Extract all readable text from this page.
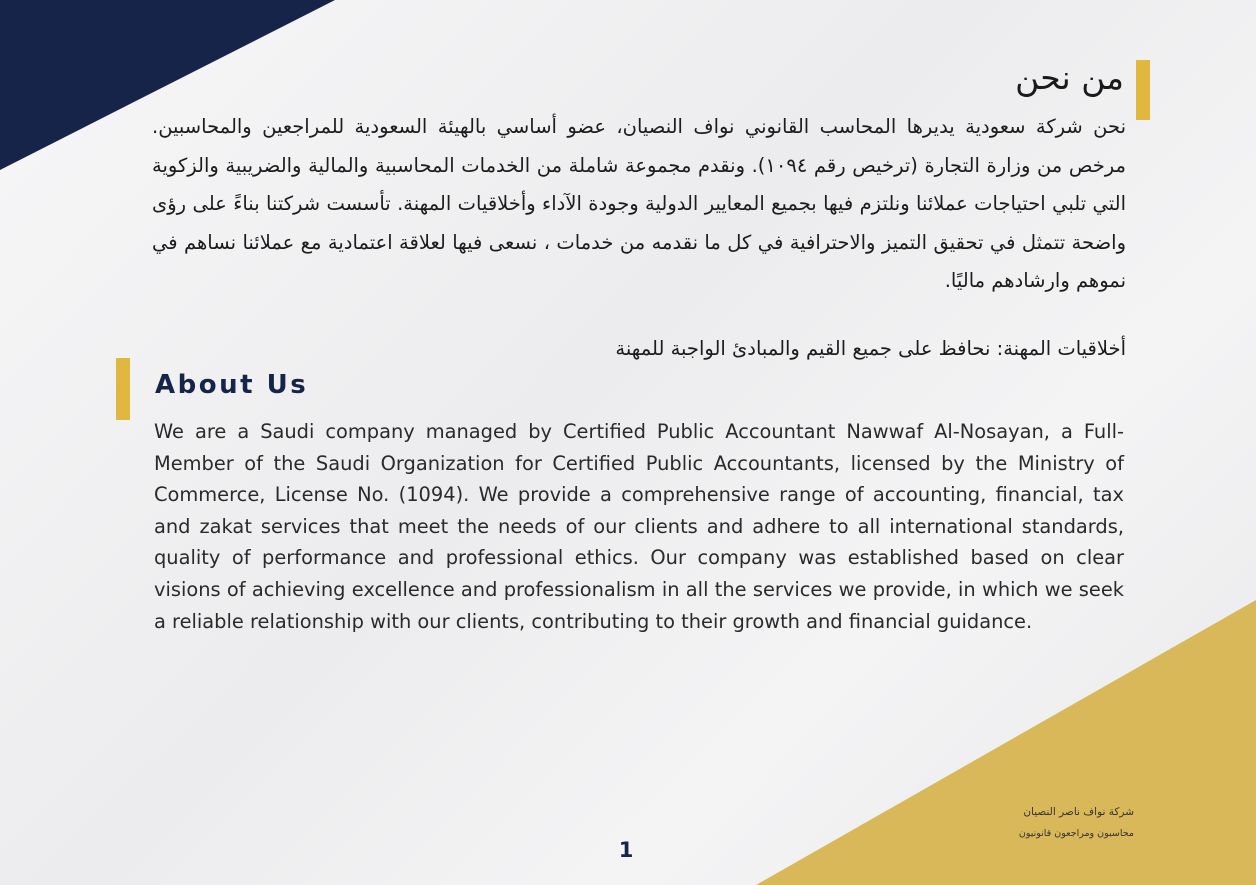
من نحن

نحن شركة سعودية يديرها المحاسب القانوني نواف النصيان، عضو أساسي بالهيئة السعودية للمراجعين والمحاسبين. مرخص من وزارة التجارة (ترخيص رقم ١٠٩٤). ونقدم مجموعة شاملة من الخدمات المحاسبية والمالية والضريبية والزكوية التي تلبي احتياجات عملائنا ونلتزم فيها بجميع المعايير الدولية وجودة الآداء وأخلاقيات المهنة. تأسست شركتنا بناءً على رؤى واضحة تتمثل في تحقيق التميز والاحترافية في كل ما نقدمه من خدمات ، نسعى فيها لعلاقة اعتمادية مع عملائنا نساهم في نموهم وارشادهم ماليًا.

أخلاقيات المهنة: نحافظ على جميع القيم والمبادئ الواجبة للمهنة
About Us

We are a Saudi company managed by Certified Public Accountant Nawwaf Al-Nosayan, a Full-Member of the Saudi Organization for Certified Public Accountants, licensed by the Ministry of Commerce, License No. (1094). We provide a comprehensive range of accounting, financial, tax and zakat services that meet the needs of our clients and adhere to all international standards, quality of performance and professional ethics. Our company was established based on clear visions of achieving excellence and professionalism in all the services we provide, in which we seek a reliable relationship with our clients, contributing to their growth and financial guidance.

شركة نواف ناصر النصيان
محاسبون ومراجعون قانونيون
1
